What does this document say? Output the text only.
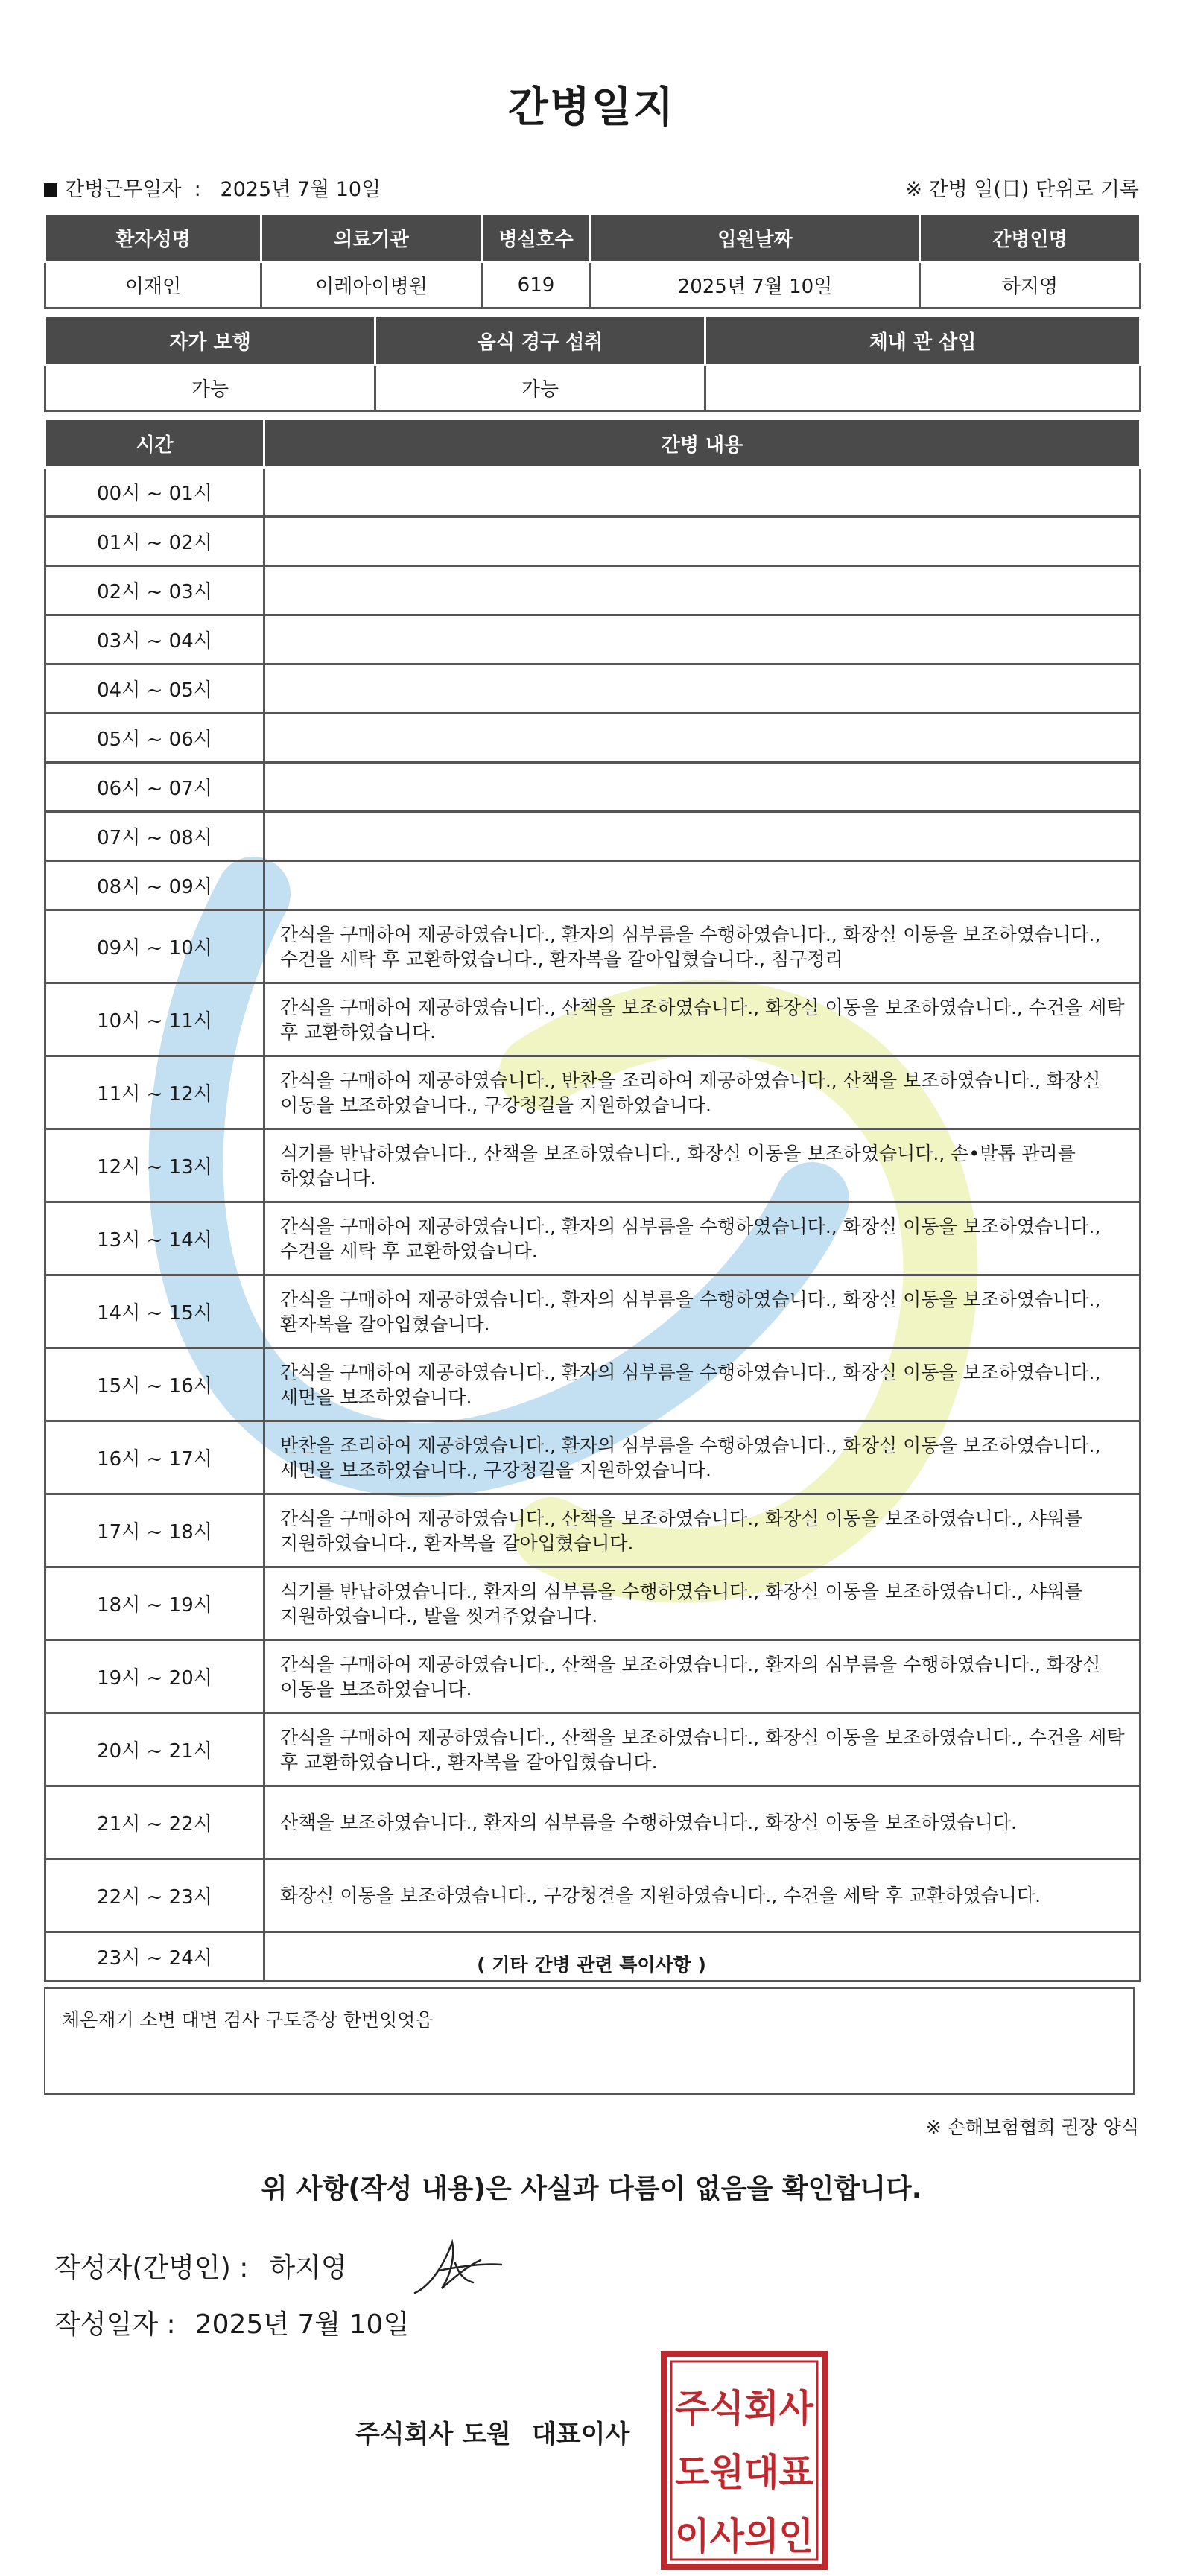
간병일지
간병근무일자  :   2025년 7월 10일	※ 간병 일(日) 단위로 기록
환자성명	의료기관	병실호수	입원날짜	간병인명
이재인	이레아이병원	619	2025년 7월 10일	하지영
자가 보행	음식 경구 섭취	체내 관 삽입
가능	가능	
시간	간병 내용
00시 ~ 01시	
01시 ~ 02시	
02시 ~ 03시	
03시 ~ 04시	
04시 ~ 05시	
05시 ~ 06시	
06시 ~ 07시	
07시 ~ 08시	
08시 ~ 09시	
09시 ~ 10시	간식을 구매하여 제공하였습니다., 환자의 심부름을 수행하였습니다., 화장실 이동을 보조하였습니다., 수건을 세탁 후 교환하였습니다., 환자복을 갈아입혔습니다., 침구정리
10시 ~ 11시	간식을 구매하여 제공하였습니다., 산책을 보조하였습니다., 화장실 이동을 보조하였습니다., 수건을 세탁 후 교환하였습니다.
11시 ~ 12시	간식을 구매하여 제공하였습니다., 반찬을 조리하여 제공하였습니다., 산책을 보조하였습니다., 화장실 이동을 보조하였습니다., 구강청결을 지원하였습니다.
12시 ~ 13시	식기를 반납하였습니다., 산책을 보조하였습니다., 화장실 이동을 보조하였습니다., 손•발톱 관리를 하였습니다.
13시 ~ 14시	간식을 구매하여 제공하였습니다., 환자의 심부름을 수행하였습니다., 화장실 이동을 보조하였습니다., 수건을 세탁 후 교환하였습니다.
14시 ~ 15시	간식을 구매하여 제공하였습니다., 환자의 심부름을 수행하였습니다., 화장실 이동을 보조하였습니다., 환자복을 갈아입혔습니다.
15시 ~ 16시	간식을 구매하여 제공하였습니다., 환자의 심부름을 수행하였습니다., 화장실 이동을 보조하였습니다., 세면을 보조하였습니다.
16시 ~ 17시	반찬을 조리하여 제공하였습니다., 환자의 심부름을 수행하였습니다., 화장실 이동을 보조하였습니다., 세면을 보조하였습니다., 구강청결을 지원하였습니다.
17시 ~ 18시	간식을 구매하여 제공하였습니다., 산책을 보조하였습니다., 화장실 이동을 보조하였습니다., 샤워를 지원하였습니다., 환자복을 갈아입혔습니다.
18시 ~ 19시	식기를 반납하였습니다., 환자의 심부름을 수행하였습니다., 화장실 이동을 보조하였습니다., 샤워를 지원하였습니다., 발을 씻겨주었습니다.
19시 ~ 20시	간식을 구매하여 제공하였습니다., 산책을 보조하였습니다., 환자의 심부름을 수행하였습니다., 화장실 이동을 보조하였습니다.
20시 ~ 21시	간식을 구매하여 제공하였습니다., 산책을 보조하였습니다., 화장실 이동을 보조하였습니다., 수건을 세탁 후 교환하였습니다., 환자복을 갈아입혔습니다.
21시 ~ 22시	산책을 보조하였습니다., 환자의 심부름을 수행하였습니다., 화장실 이동을 보조하였습니다.
22시 ~ 23시	화장실 이동을 보조하였습니다., 구강청결을 지원하였습니다., 수건을 세탁 후 교환하였습니다.
23시 ~ 24시		( 기타 간병 관련 특이사항 )
체온재기 소변 대변 검사 구토증상 한번잇엇음
※ 손해보험협회 권장 양식
위 사항(작성 내용)은 사실과 다름이 없음을 확인합니다.
작성자(간병인) : 하지영
작성일자 : 2025년 7월 10일
주식회사 도원 대표이사
주식회사
도원대표
이사의인
